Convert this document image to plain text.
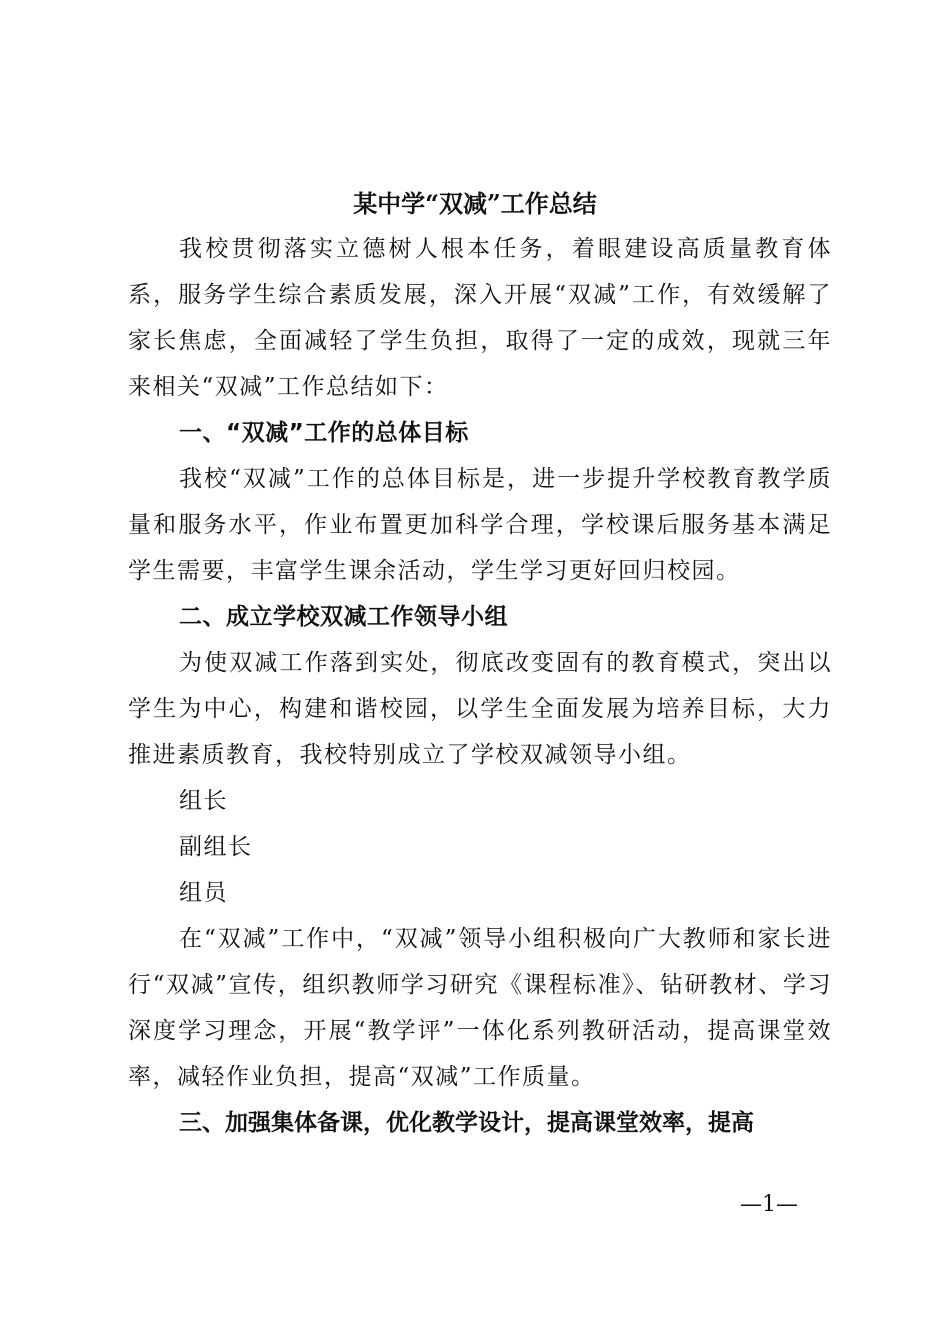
某中学“双减”工作总结

我校贯彻落实立德树人根本任务，着眼建设高质量教育体系，服务学生综合素质发展，深入开展“双减”工作，有效缓解了家长焦虑，全面减轻了学生负担，取得了一定的成效，现就三年来相关“双减”工作总结如下：

一、“双减”工作的总体目标

我校“双减”工作的总体目标是，进一步提升学校教育教学质量和服务水平，作业布置更加科学合理，学校课后服务基本满足学生需要，丰富学生课余活动，学生学习更好回归校园。

二、成立学校双减工作领导小组

为使双减工作落到实处，彻底改变固有的教育模式，突出以学生为中心，构建和谐校园，以学生全面发展为培养目标，大力推进素质教育，我校特别成立了学校双减领导小组。

组长

副组长

组员

在“双减”工作中，“双减”领导小组积极向广大教师和家长进行“双减”宣传，组织教师学习研究《课程标准》、钻研教材、学习深度学习理念，开展“教学评”一体化系列教研活动，提高课堂效率，减轻作业负担，提高“双减”工作质量。

三、加强集体备课，优化教学设计，提高课堂效率，提高

—1—
